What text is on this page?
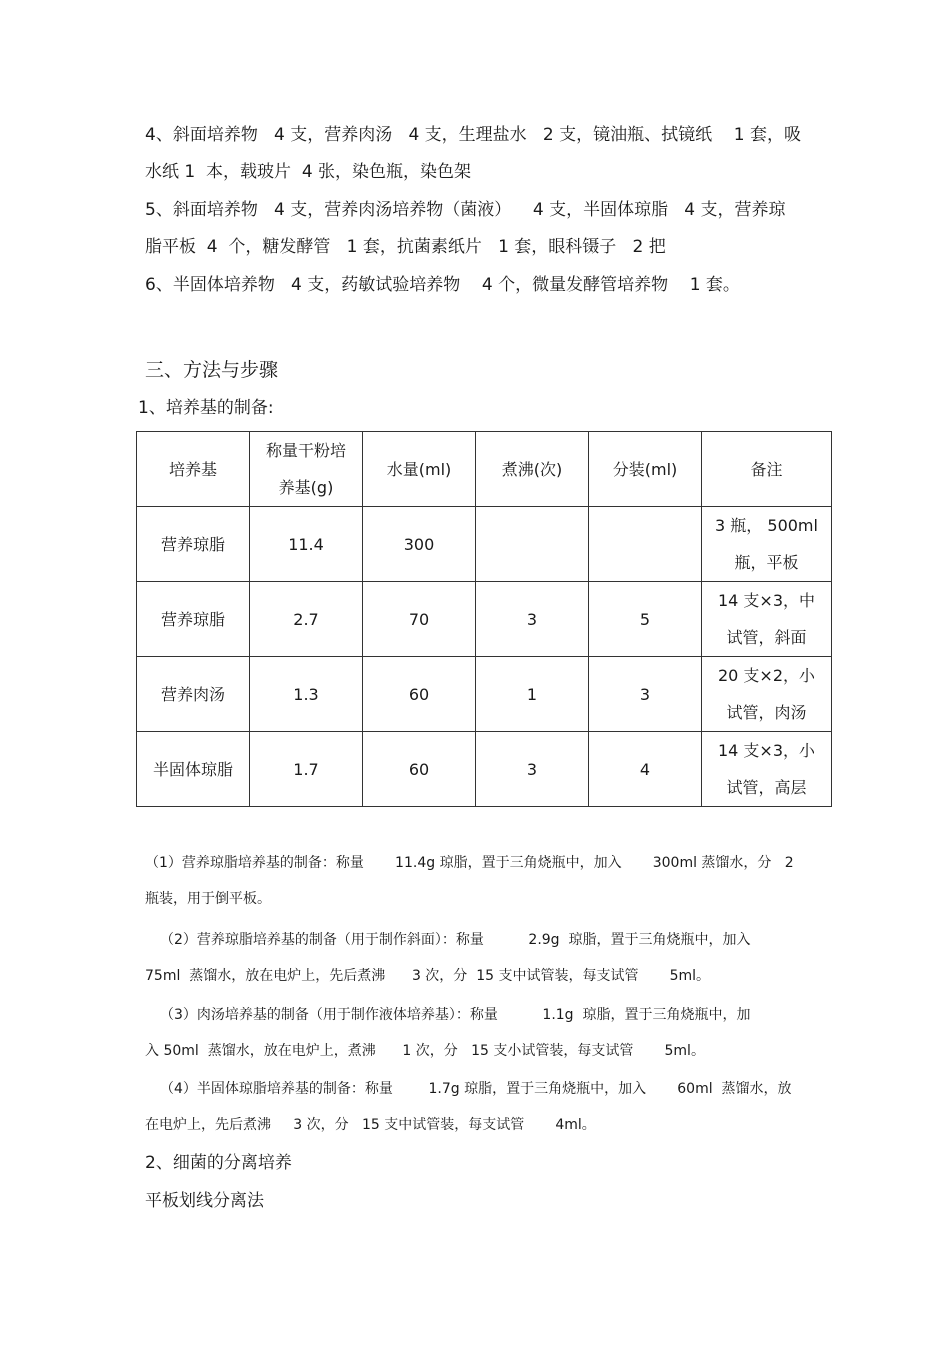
4、斜面培养物   4 支，营养肉汤   4 支，生理盐水   2 支，镜油瓶、拭镜纸    1 套，吸
水纸 1  本，载玻片  4 张，染色瓶，染色架
5、斜面培养物   4 支，营养肉汤培养物（菌液）    4 支，半固体琼脂   4 支，营养琼
脂平板  4  个，糖发酵管   1 套，抗菌素纸片   1 套，眼科镊子   2 把
6、半固体培养物   4 支，药敏试验培养物    4 个，微量发酵管培养物    1 套。
三、方法与步骤
1、培养基的制备:
培养基	称量干粉培
养基(g)	水量(ml)	煮沸(次)	分装(ml)	备注
营养琼脂	11.4	300			3 瓶， 500ml
瓶，平板

营养琼脂	2.7	70	3	5	14 支×3，中
试管，斜面

营养肉汤	1.3	60	1	3	20 支×2，小
试管，肉汤

半固体琼脂	1.7	60	3	4	14 支×3，小
试管，高层
（1）营养琼脂培养基的制备：称量       11.4g 琼脂，置于三角烧瓶中，加入       300ml 蒸馏水，分   2
瓶装，用于倒平板。
（2）营养琼脂培养基的制备（用于制作斜面）：称量          2.9g  琼脂，置于三角烧瓶中，加入
75ml  蒸馏水，放在电炉上，先后煮沸      3 次，分  15 支中试管装，每支试管       5ml。
（3）肉汤培养基的制备（用于制作液体培养基）：称量          1.1g  琼脂，置于三角烧瓶中，加
入 50ml  蒸馏水，放在电炉上，煮沸      1 次，分   15 支小试管装，每支试管       5ml。
（4）半固体琼脂培养基的制备：称量        1.7g 琼脂，置于三角烧瓶中，加入       60ml  蒸馏水，放
在电炉上，先后煮沸     3 次，分   15 支中试管装，每支试管       4ml。
2、细菌的分离培养
平板划线分离法
